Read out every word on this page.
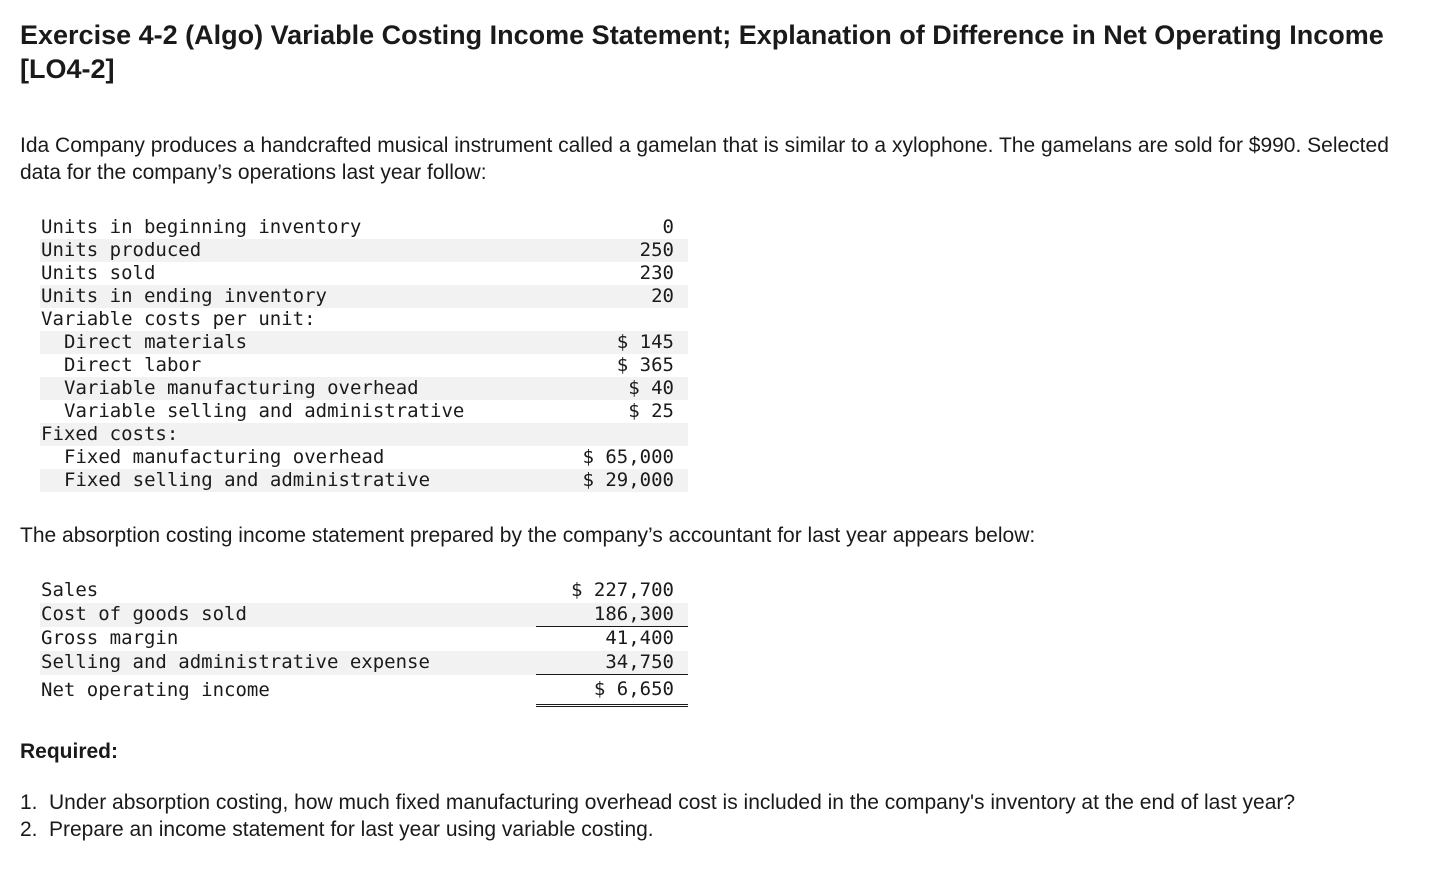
Exercise 4-2 (Algo) Variable Costing Income Statement; Explanation of Difference in Net Operating Income [LO4-2]

Ida Company produces a handcrafted musical instrument called a gamelan that is similar to a xylophone. The gamelans are sold for $990. Selected data for the company’s operations last year follow:

Units in beginning inventory	0
Units produced	250
Units sold	230
Units in ending inventory	20
Variable costs per unit:	
Direct materials	$ 145
Direct labor	$ 365
Variable manufacturing overhead	$ 40
Variable selling and administrative	$ 25
Fixed costs:	
Fixed manufacturing overhead	$ 65,000
Fixed selling and administrative	$ 29,000

The absorption costing income statement prepared by the company’s accountant for last year appears below:

Sales	$ 227,700
Cost of goods sold	186,300
Gross margin	41,400
Selling and administrative expense	34,750
Net operating income	$ 6,650
Required:
1. Under absorption costing, how much fixed manufacturing overhead cost is included in the company's inventory at the end of last year?
2. Prepare an income statement for last year using variable costing.
